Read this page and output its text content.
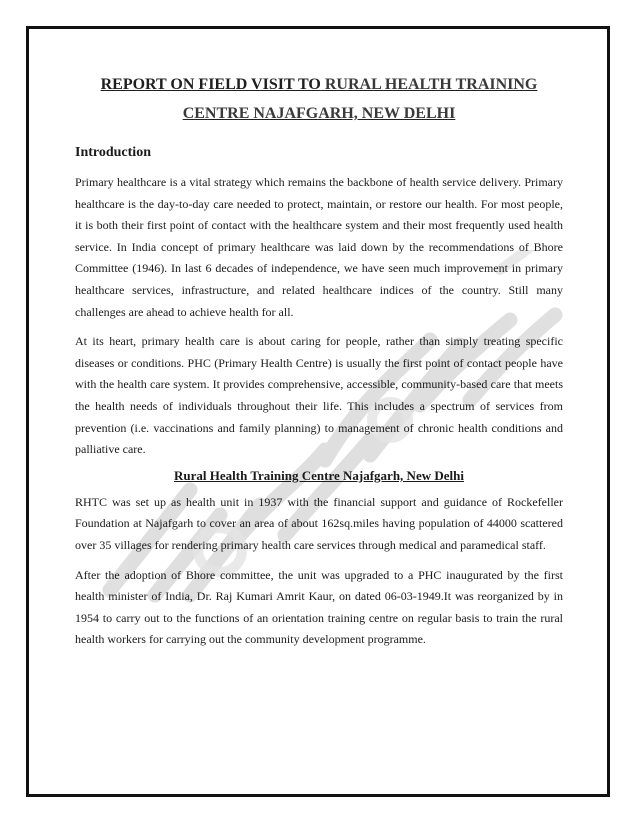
REPORT ON FIELD VISIT TO RURAL HEALTH TRAINING CENTRE NAJAFGARH, NEW DELHI
Introduction

Primary healthcare is a vital strategy which remains the backbone of health service delivery. Primary healthcare is the day-to-day care needed to protect, maintain, or restore our health. For most people, it is both their first point of contact with the healthcare system and their most frequently used health service. In India concept of primary healthcare was laid down by the recommendations of Bhore Committee (1946). In last 6 decades of independence, we have seen much improvement in primary healthcare services, infrastructure, and related healthcare indices of the country. Still many challenges are ahead to achieve health for all.

At its heart, primary health care is about caring for people, rather than simply treating specific diseases or conditions. PHC (Primary Health Centre) is usually the first point of contact people have with the health care system. It provides comprehensive, accessible, community-based care that meets the health needs of individuals throughout their life. This includes a spectrum of services from prevention (i.e. vaccinations and family planning) to management of chronic health conditions and palliative care.

Rural Health Training Centre Najafgarh, New Delhi

RHTC was set up as health unit in 1937 with the financial support and guidance of Rockefeller Foundation at Najafgarh to cover an area of about 162sq.miles having population of 44000 scattered over 35 villages for rendering primary health care services through medical and paramedical staff.

After the adoption of Bhore committee, the unit was upgraded to a PHC inaugurated by the first health minister of India, Dr. Raj Kumari Amrit Kaur, on dated 06-03-1949.It was reorganized by in 1954 to carry out to the functions of an orientation training centre on regular basis to train the rural health workers for carrying out the community development programme.
